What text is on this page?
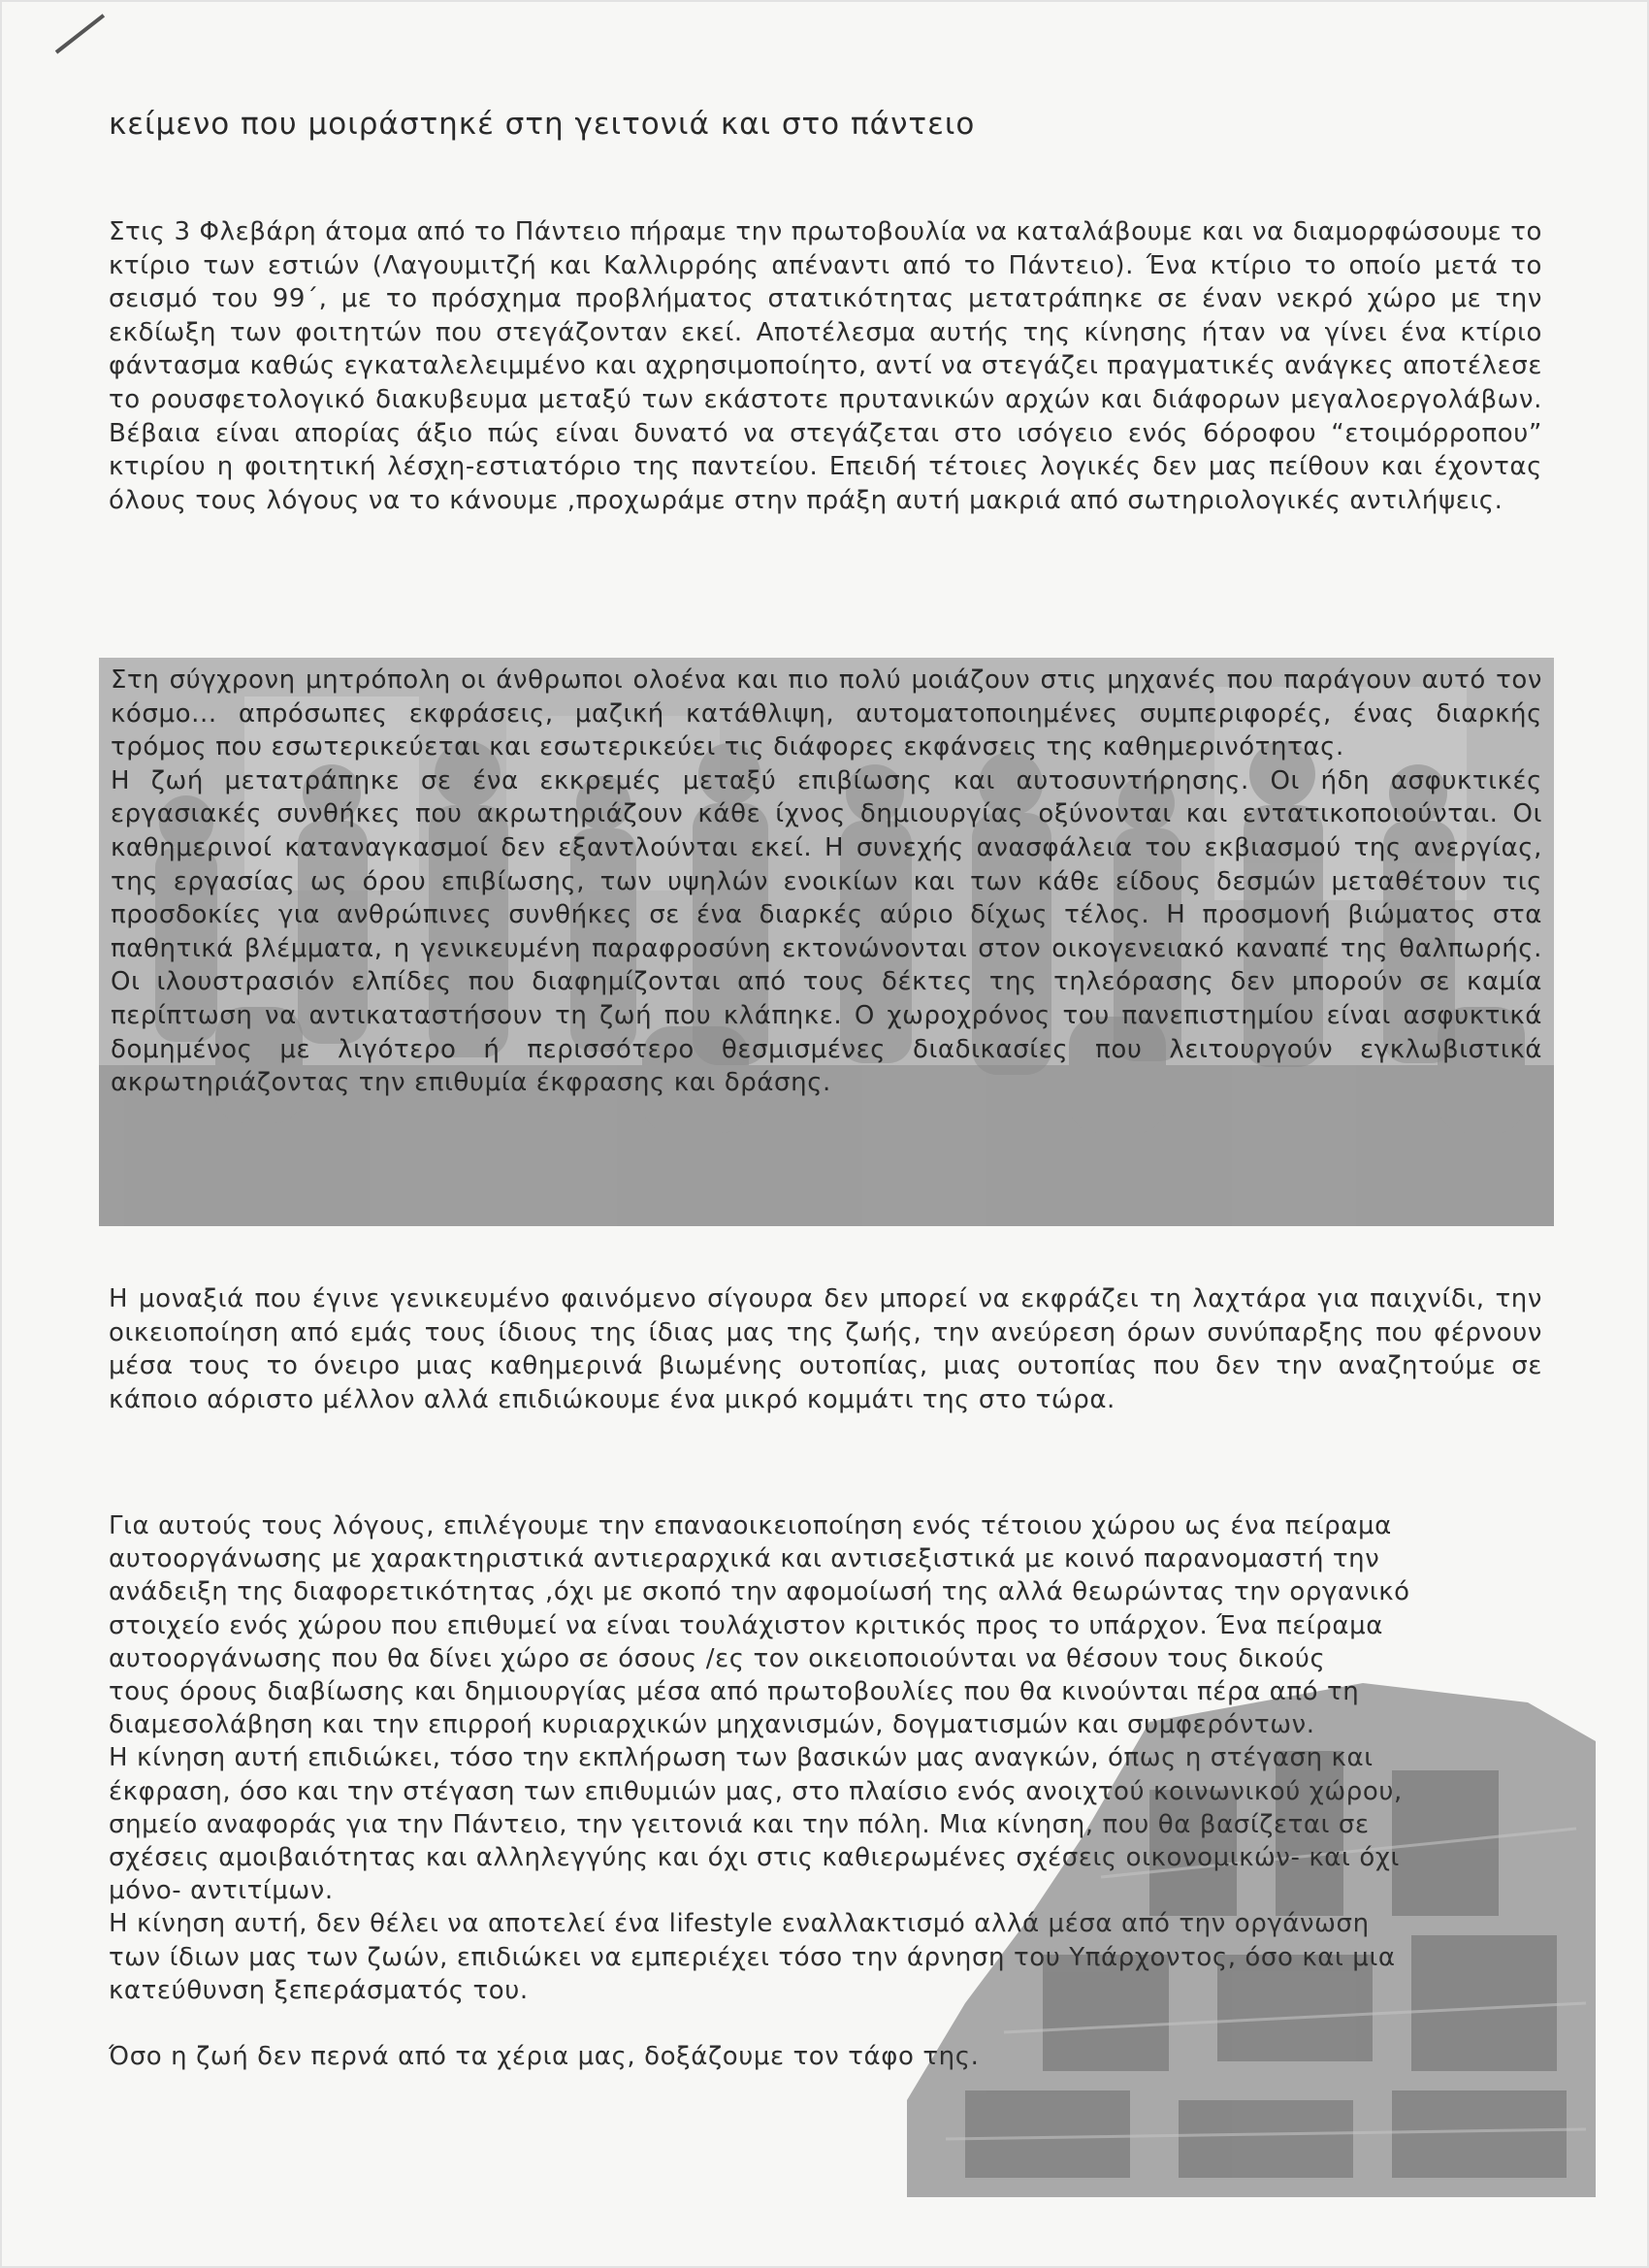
κείμενο που μοιράστηκέ στη γειτονιά και στο πάντειο
Στις 3 Φλεβάρη άτομα από το Πάντειο πήραμε την πρωτοβουλία να καταλάβουμε και να διαμορφώσουμε το κτίριο των εστιών (Λαγουμιτζή και Καλλιρρόης απέναντι από το Πάντειο). Ένα κτίριο το οποίο μετά το σεισμό του 99΄, με το πρόσχημα προβλήματος στατικότητας μετατράπηκε σε έναν νεκρό χώρο με την εκδίωξη των φοιτητών που στεγάζονταν εκεί. Αποτέλεσμα αυτής της κίνησης ήταν να γίνει ένα κτίριο φάντασμα καθώς εγκαταλελειμμένο και αχρησιμοποίητο, αντί να στεγάζει πραγματικές ανάγκες αποτέλεσε το ρουσφετολογικό διακυβευμα μεταξύ των εκάστοτε πρυτανικών αρχών και διάφορων μεγαλοεργολάβων. Βέβαια είναι απορίας άξιο πώς είναι δυνατό να στεγάζεται στο ισόγειο ενός 6όροφου “ετοιμόρροπου” κτιρίου η φοιτητική λέσχη-εστιατόριο της παντείου. Επειδή τέτοιες λογικές δεν μας πείθουν και έχοντας όλους τους λόγους να το κάνουμε ,προχωράμε στην πράξη αυτή μακριά από σωτηριολογικές αντιλήψεις.
Στη σύγχρονη μητρόπολη οι άνθρωποι ολοένα και πιο πολύ μοιάζουν στις μηχανές που παράγουν αυτό τον κόσμο... απρόσωπες εκφράσεις, μαζική κατάθλιψη, αυτοματοποιημένες συμπεριφορές, ένας διαρκής τρόμος που εσωτερικεύεται και εσωτερικεύει τις διάφορες εκφάνσεις της καθημερινότητας.
Η ζωή μετατράπηκε σε ένα εκκρεμές μεταξύ επιβίωσης και αυτοσυντήρησης. Οι ήδη ασφυκτικές εργασιακές συνθήκες που ακρωτηριάζουν κάθε ίχνος δημιουργίας οξύνονται και εντατικοποιούνται. Οι καθημερινοί καταναγκασμοί δεν εξαντλούνται εκεί. Η συνεχής ανασφάλεια του εκβιασμού της ανεργίας, της εργασίας ως όρου επιβίωσης, των υψηλών ενοικίων και των κάθε είδους δεσμών μεταθέτουν τις προσδοκίες για ανθρώπινες συνθήκες σε ένα διαρκές αύριο δίχως τέλος. Η προσμονή βιώματος στα παθητικά βλέμματα, η γενικευμένη παραφροσύνη εκτονώνονται στον οικογενειακό καναπέ της θαλπωρής. Οι ιλουστρασιόν ελπίδες που διαφημίζονται από τους δέκτες της τηλεόρασης δεν μπορούν σε καμία περίπτωση να αντικαταστήσουν τη ζωή που κλάπηκε. Ο χωροχρόνος του πανεπιστημίου είναι ασφυκτικά δομημένος με λιγότερο ή περισσότερο θεσμισμένες διαδικασίες που λειτουργούν εγκλωβιστικά ακρωτηριάζοντας την επιθυμία έκφρασης και δράσης.
Η μοναξιά που έγινε γενικευμένο φαινόμενο σίγουρα δεν μπορεί να εκφράζει τη λαχτάρα για παιχνίδι, την οικειοποίηση από εμάς τους ίδιους της ίδιας μας της ζωής, την ανεύρεση όρων συνύπαρξης που φέρνουν μέσα τους το όνειρο μιας καθημερινά βιωμένης ουτοπίας, μιας ουτοπίας που δεν την αναζητούμε σε κάποιο αόριστο μέλλον αλλά επιδιώκουμε ένα μικρό κομμάτι της στο τώρα.
Για αυτούς τους λόγους, επιλέγουμε την επαναοικειοποίηση ενός τέτοιου χώρου ως ένα πείραμα
αυτοοργάνωσης με χαρακτηριστικά αντιεραρχικά και αντισεξιστικά με κοινό παρανομαστή την
ανάδειξη της διαφορετικότητας ,όχι με σκοπό την αφομοίωσή της αλλά θεωρώντας την οργανικό
στοιχείο ενός χώρου που επιθυμεί να είναι τουλάχιστον κριτικός προς το υπάρχον. Ένα πείραμα
αυτοοργάνωσης που θα δίνει χώρο σε όσους /ες τον οικειοποιούνται να θέσουν τους δικούς
τους όρους διαβίωσης και δημιουργίας μέσα από πρωτοβουλίες που θα κινούνται πέρα από τη
διαμεσολάβηση και την επιρροή κυριαρχικών μηχανισμών, δογματισμών και συμφερόντων.
Η κίνηση αυτή επιδιώκει, τόσο την εκπλήρωση των βασικών μας αναγκών, όπως η στέγαση και
έκφραση, όσο και την στέγαση των επιθυμιών μας, στο πλαίσιο ενός ανοιχτού κοινωνικού χώρου,
σημείο αναφοράς για την Πάντειο, την γειτονιά και την πόλη. Μια κίνηση, που θα βασίζεται σε
σχέσεις αμοιβαιότητας και αλληλεγγύης και όχι στις καθιερωμένες σχέσεις οικονομικών- και όχι
μόνο- αντιτίμων.
Η κίνηση αυτή, δεν θέλει να αποτελεί ένα lifestyle εναλλακτισμό αλλά μέσα από την οργάνωση
των ίδιων μας των ζωών, επιδιώκει να εμπεριέχει τόσο την άρνηση του Υπάρχοντος, όσο και μια
κατεύθυνση ξεπεράσματός του.

Όσο η ζωή δεν περνά από τα χέρια μας, δοξάζουμε τον τάφο της.
